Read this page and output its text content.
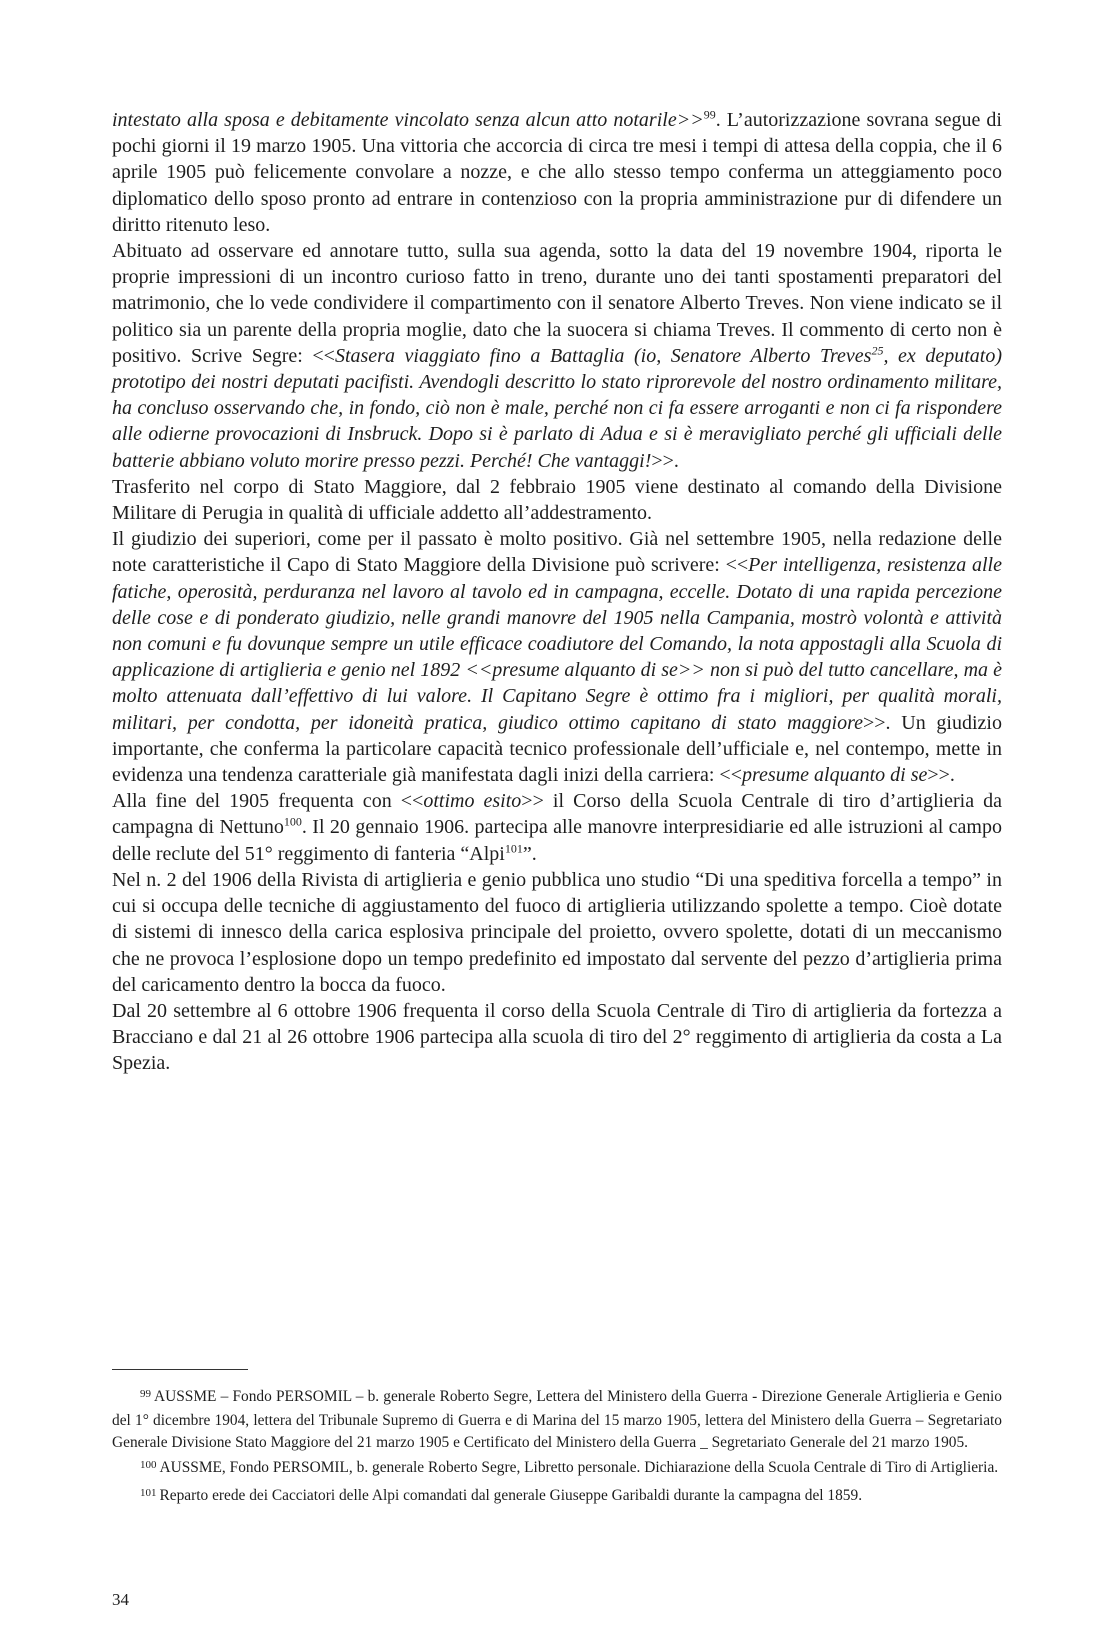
intestato alla sposa e debitamente vincolato senza alcun atto notarile>>$^{99}$. L’autorizzazione sovrana segue di pochi giorni il 19 marzo 1905. Una vittoria che accorcia di circa tre mesi i tempi di attesa della coppia, che il 6 aprile 1905 può felicemente convolare a nozze, e che allo stesso tempo conferma un atteggiamento poco diplomatico dello sposo pronto ad entrare in contenzioso con la propria amministrazione pur di difendere un diritto ritenuto leso.

Abituato ad osservare ed annotare tutto, sulla sua agenda, sotto la data del 19 novembre 1904, riporta le proprie impressioni di un incontro curioso fatto in treno, durante uno dei tanti spostamenti preparatori del matrimonio, che lo vede condividere il compartimento con il senatore Alberto Treves. Non viene indicato se il politico sia un parente della propria moglie, dato che la suocera si chiama Treves. Il commento di certo non è positivo. Scrive Segre: <<Stasera viaggiato fino a Battaglia (io, Senatore Alberto Treves$^{25}$, ex deputato) prototipo dei nostri deputati pacifisti. Avendogli descritto lo stato riprorevole del nostro ordinamento militare, ha concluso osservando che, in fondo, ciò non è male, perché non ci fa essere arroganti e non ci fa rispondere alle odierne provocazioni di Insbruck. Dopo si è parlato di Adua e si è meravigliato perché gli ufficiali delle batterie abbiano voluto morire presso pezzi. Perché! Che vantaggi!>>.

Trasferito nel corpo di Stato Maggiore, dal 2 febbraio 1905 viene destinato al comando della Divisione Militare di Perugia in qualità di ufficiale addetto all’addestramento.

Il giudizio dei superiori, come per il passato è molto positivo. Già nel settembre 1905, nella redazione delle note caratteristiche il Capo di Stato Maggiore della Divisione può scrivere: <<Per intelligenza, resistenza alle fatiche, operosità, perduranza nel lavoro al tavolo ed in campagna, eccelle. Dotato di una rapida percezione delle cose e di ponderato giudizio, nelle grandi manovre del 1905 nella Campania, mostrò volontà e attività non comuni e fu dovunque sempre un utile efficace coadiutore del Comando, la nota appostagli alla Scuola di applicazione di artiglieria e genio nel 1892 <<presume alquanto di se>> non si può del tutto cancellare, ma è molto attenuata dall’effettivo di lui valore. Il Capitano Segre è ottimo fra i migliori, per qualità morali, militari, per condotta, per idoneità pratica, giudico ottimo capitano di stato maggiore>>. Un giudizio importante, che conferma la particolare capacità tecnico professionale dell’ufficiale e, nel contempo, mette in evidenza una tendenza caratteriale già manifestata dagli inizi della carriera: <<presume alquanto di se>>.

Alla fine del 1905 frequenta con <<ottimo esito>> il Corso della Scuola Centrale di tiro d’artiglieria da campagna di Nettuno$^{100}$. Il 20 gennaio 1906. partecipa alle manovre interpresidiarie ed alle istruzioni al campo delle reclute del 51° reggimento di fanteria “Alpi$^{101}$”.

Nel n. 2 del 1906 della Rivista di artiglieria e genio pubblica uno studio “Di una speditiva forcella a tempo” in cui si occupa delle tecniche di aggiustamento del fuoco di artiglieria utilizzando spolette a tempo. Cioè dotate di sistemi di innesco della carica esplosiva principale del proietto, ovvero spolette, dotati di un meccanismo che ne provoca l’esplosione dopo un tempo predefinito ed impostato dal servente del pezzo d’artiglieria prima del caricamento dentro la bocca da fuoco.

Dal 20 settembre al 6 ottobre 1906 frequenta il corso della Scuola Centrale di Tiro di artiglieria da fortezza a Bracciano e dal 21 al 26 ottobre 1906 partecipa alla scuola di tiro del 2° reggimento di artiglieria da costa a La Spezia.

$^{99}$ AUSSME – Fondo PERSOMIL – b. generale Roberto Segre, Lettera del Ministero della Guerra - Direzione Generale Artiglieria e Genio del 1° dicembre 1904, lettera del Tribunale Supremo di Guerra e di Marina del 15 marzo 1905, lettera del Ministero della Guerra – Segretariato Generale Divisione Stato Maggiore del 21 marzo 1905 e Certificato del Ministero della Guerra _ Segretariato Generale del 21 marzo 1905.

$^{100}$ AUSSME, Fondo PERSOMIL, b. generale Roberto Segre, Libretto personale. Dichiarazione della Scuola Centrale di Tiro di Artiglieria.

$^{101}$ Reparto erede dei Cacciatori delle Alpi comandati dal generale Giuseppe Garibaldi durante la campagna del 1859.

34
